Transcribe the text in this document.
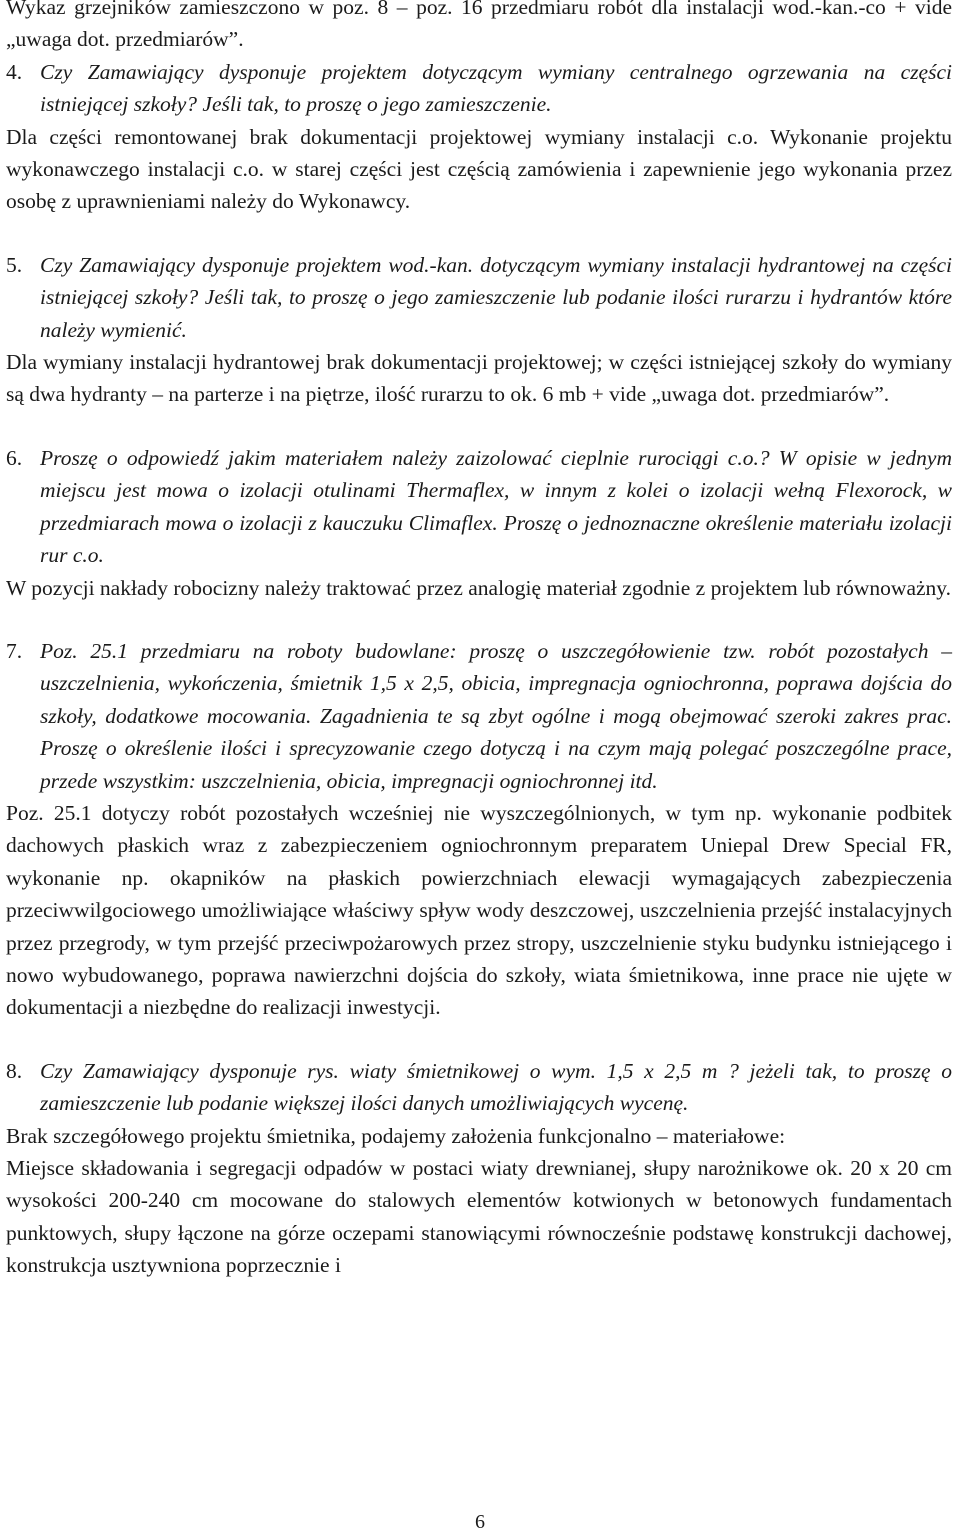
Wykaz grzejników zamieszczono w poz. 8 – poz. 16 przedmiaru robót dla instalacji wod.-kan.-co + vide „uwaga dot. przedmiarów”.

4. Czy Zamawiający dysponuje projektem dotyczącym wymiany centralnego ogrzewania na części istniejącej szkoły? Jeśli tak, to proszę o jego zamieszczenie.

Dla części remontowanej brak dokumentacji projektowej wymiany instalacji c.o. Wykonanie projektu wykonawczego instalacji c.o. w starej części jest częścią zamówienia i zapewnienie jego wykonania przez osobę z uprawnieniami należy do Wykonawcy.

5. Czy Zamawiający dysponuje projektem wod.-kan. dotyczącym wymiany instalacji hydrantowej na części istniejącej szkoły? Jeśli tak, to proszę o jego zamieszczenie lub podanie ilości rurarzu i hydrantów które należy wymienić.

Dla wymiany instalacji hydrantowej brak dokumentacji projektowej; w części istniejącej szkoły do wymiany są dwa hydranty – na parterze i na piętrze, ilość rurarzu to ok. 6 mb + vide „uwaga dot. przedmiarów”.

6. Proszę o odpowiedź jakim materiałem należy zaizolować cieplnie rurociągi c.o.? W opisie w jednym miejscu jest mowa o izolacji otulinami Thermaflex, w innym z kolei o izolacji wełną Flexorock, w przedmiarach mowa o izolacji z kauczuku Climaflex. Proszę o jednoznaczne określenie materiału izolacji rur c.o.

W pozycji nakłady robocizny należy traktować przez analogię materiał zgodnie z projektem lub równoważny.

7. Poz. 25.1 przedmiaru na roboty budowlane: proszę o uszczegółowienie tzw. robót pozostałych – uszczelnienia, wykończenia, śmietnik 1,5 x 2,5, obicia, impregnacja ogniochronna, poprawa dojścia do szkoły, dodatkowe mocowania. Zagadnienia te są zbyt ogólne i mogą obejmować szeroki zakres prac. Proszę o określenie ilości i sprecyzowanie czego dotyczą i na czym mają polegać poszczególne prace, przede wszystkim: uszczelnienia, obicia, impregnacji ogniochronnej itd.

Poz. 25.1 dotyczy robót pozostałych wcześniej nie wyszczególnionych, w tym np. wykonanie podbitek dachowych płaskich wraz z zabezpieczeniem ogniochronnym preparatem Uniepal Drew Special FR, wykonanie np. okapników na płaskich powierzchniach elewacji wymagających zabezpieczenia przeciwwilgociowego umożliwiające właściwy spływ wody deszczowej, uszczelnienia przejść instalacyjnych przez przegrody, w tym przejść przeciwpożarowych przez stropy, uszczelnienie styku budynku istniejącego i nowo wybudowanego, poprawa nawierzchni dojścia do szkoły, wiata śmietnikowa, inne prace nie ujęte w dokumentacji a niezbędne do realizacji inwestycji.

8. Czy Zamawiający dysponuje rys. wiaty śmietnikowej o wym. 1,5 x 2,5 m ? jeżeli tak, to proszę o zamieszczenie lub podanie większej ilości danych umożliwiających wycenę.

Brak szczegółowego projektu śmietnika, podajemy założenia funkcjonalno – materiałowe:

Miejsce składowania i segregacji odpadów w postaci wiaty drewnianej, słupy narożnikowe ok. 20 x 20 cm wysokości 200-240 cm mocowane do stalowych elementów kotwionych w betonowych fundamentach punktowych, słupy łączone na górze oczepami stanowiącymi równocześnie podstawę konstrukcji dachowej, konstrukcja usztywniona poprzecznie i

6
